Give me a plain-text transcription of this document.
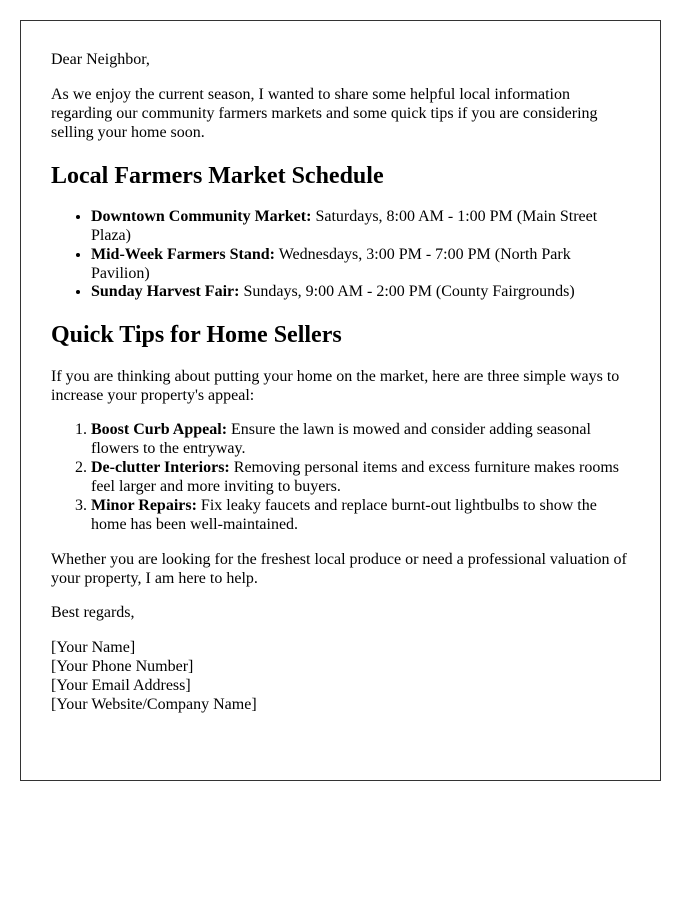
Dear Neighbor,

As we enjoy the current season, I wanted to share some helpful local information regarding our community farmers markets and some quick tips if you are considering selling your home soon.

Local Farmers Market Schedule
• Downtown Community Market: Saturdays, 8:00 AM - 1:00 PM (Main Street Plaza)
• Mid-Week Farmers Stand: Wednesdays, 3:00 PM - 7:00 PM (North Park Pavilion)
• Sunday Harvest Fair: Sundays, 9:00 AM - 2:00 PM (County Fairgrounds)
Quick Tips for Home Sellers

If you are thinking about putting your home on the market, here are three simple ways to increase your property's appeal:

1. Boost Curb Appeal: Ensure the lawn is mowed and consider adding seasonal flowers to the entryway.
2. De-clutter Interiors: Removing personal items and excess furniture makes rooms feel larger and more inviting to buyers.
3. Minor Repairs: Fix leaky faucets and replace burnt-out lightbulbs to show the home has been well-maintained.

Whether you are looking for the freshest local produce or need a professional valuation of your property, I am here to help.

Best regards,

[Your Name]
[Your Phone Number]
[Your Email Address]
[Your Website/Company Name]
